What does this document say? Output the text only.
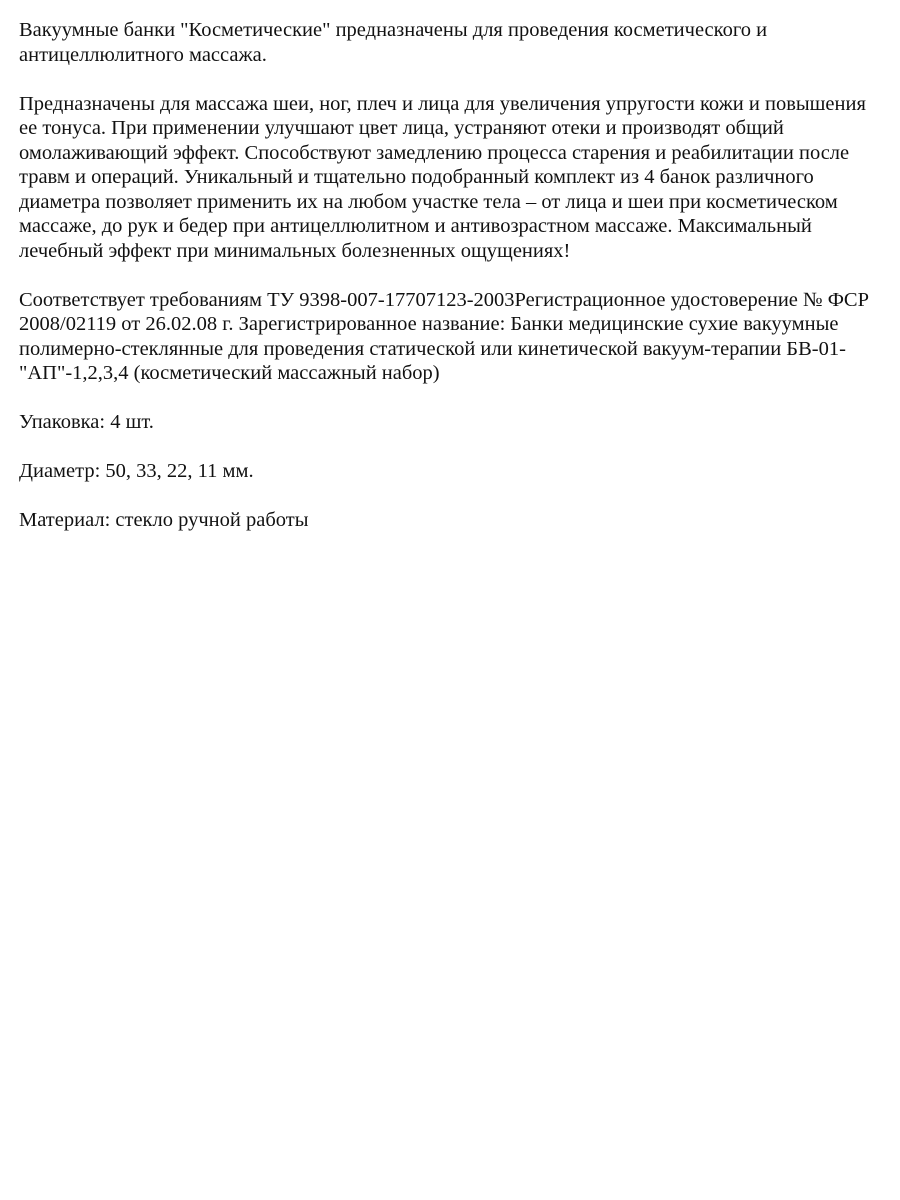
Вакуумные банки "Косметические" предназначены для проведения косметического и
антицеллюлитного массажа.

Предназначены для массажа шеи, ног, плеч и лица для увеличения упругости кожи и повышения
ее тонуса. При применении улучшают цвет лица, устраняют отеки и производят общий
омолаживающий эффект. Способствуют замедлению процесса старения и реабилитации после
травм и операций. Уникальный и тщательно подобранный комплект из 4 банок различного
диаметра позволяет применить их на любом участке тела – от лица и шеи при косметическом
массаже, до рук и бедер при антицеллюлитном и антивозрастном массаже. Максимальный
лечебный эффект при минимальных болезненных ощущениях!

Соответствует требованиям ТУ 9398-007-17707123-2003Регистрационное удостоверение № ФСР
2008/02119 от 26.02.08 г. Зарегистрированное название: Банки медицинские сухие вакуумные
полимерно-стеклянные для проведения статической или кинетической вакуум-терапии БВ-01-
"АП"-1,2,3,4 (косметический массажный набор)

Упаковка: 4 шт.

Диаметр: 50, 33, 22, 11 мм.

Материал: стекло ручной работы
